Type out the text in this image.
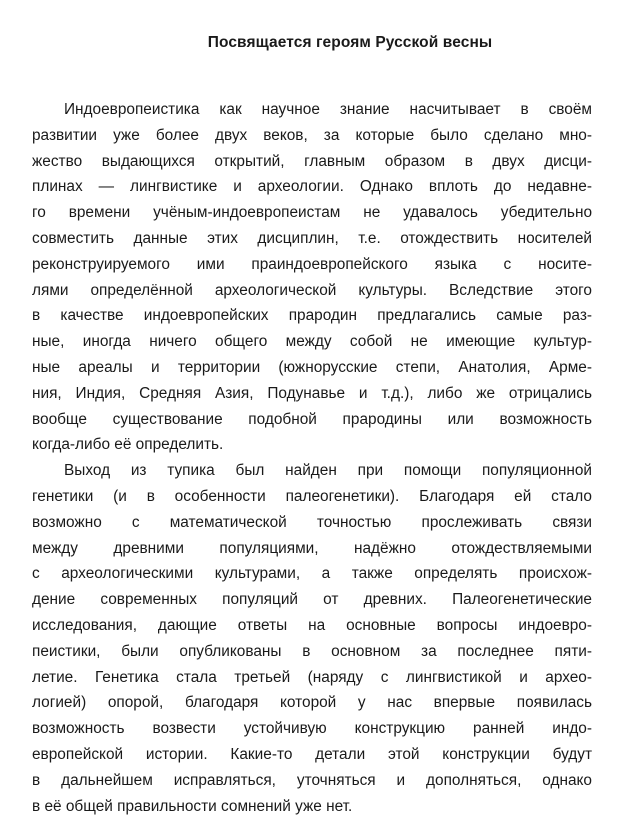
Посвящается героям Русской весны
Индоевропеистика как научное знание насчитывает в своём
развитии уже более двух веков, за которые было сделано мно-
жество выдающихся открытий, главным образом в двух дисци-
плинах — лингвистике и археологии. Однако вплоть до недавне-
го времени учёным-индоевропеистам не удавалось убедительно
совместить данные этих дисциплин, т.е. отождествить носителей
реконструируемого ими праиндоевропейского языка с носите-
лями определённой археологической культуры. Вследствие этого
в качестве индоевропейских прародин предлагались самые раз-
ные, иногда ничего общего между собой не имеющие культур-
ные ареалы и территории (южнорусские степи, Анатолия, Арме-
ния, Индия, Средняя Азия, Подунавье и т.д.), либо же отрицались
вообще существование подобной прародины или возможность
когда-либо её определить.
Выход из тупика был найден при помощи популяционной
генетики (и в особенности палеогенетики). Благодаря ей стало
возможно с математической точностью прослеживать связи
между древними популяциями, надёжно отождествляемыми
с археологическими культурами, а также определять происхож-
дение современных популяций от древних. Палеогенетические
исследования, дающие ответы на основные вопросы индоевро-
пеистики, были опубликованы в основном за последнее пяти-
летие. Генетика стала третьей (наряду с лингвистикой и архео-
логией) опорой, благодаря которой у нас впервые появилась
возможность возвести устойчивую конструкцию ранней индо-
европейской истории. Какие-то детали этой конструкции будут
в дальнейшем исправляться, уточняться и дополняться, однако
в её общей правильности сомнений уже нет.
